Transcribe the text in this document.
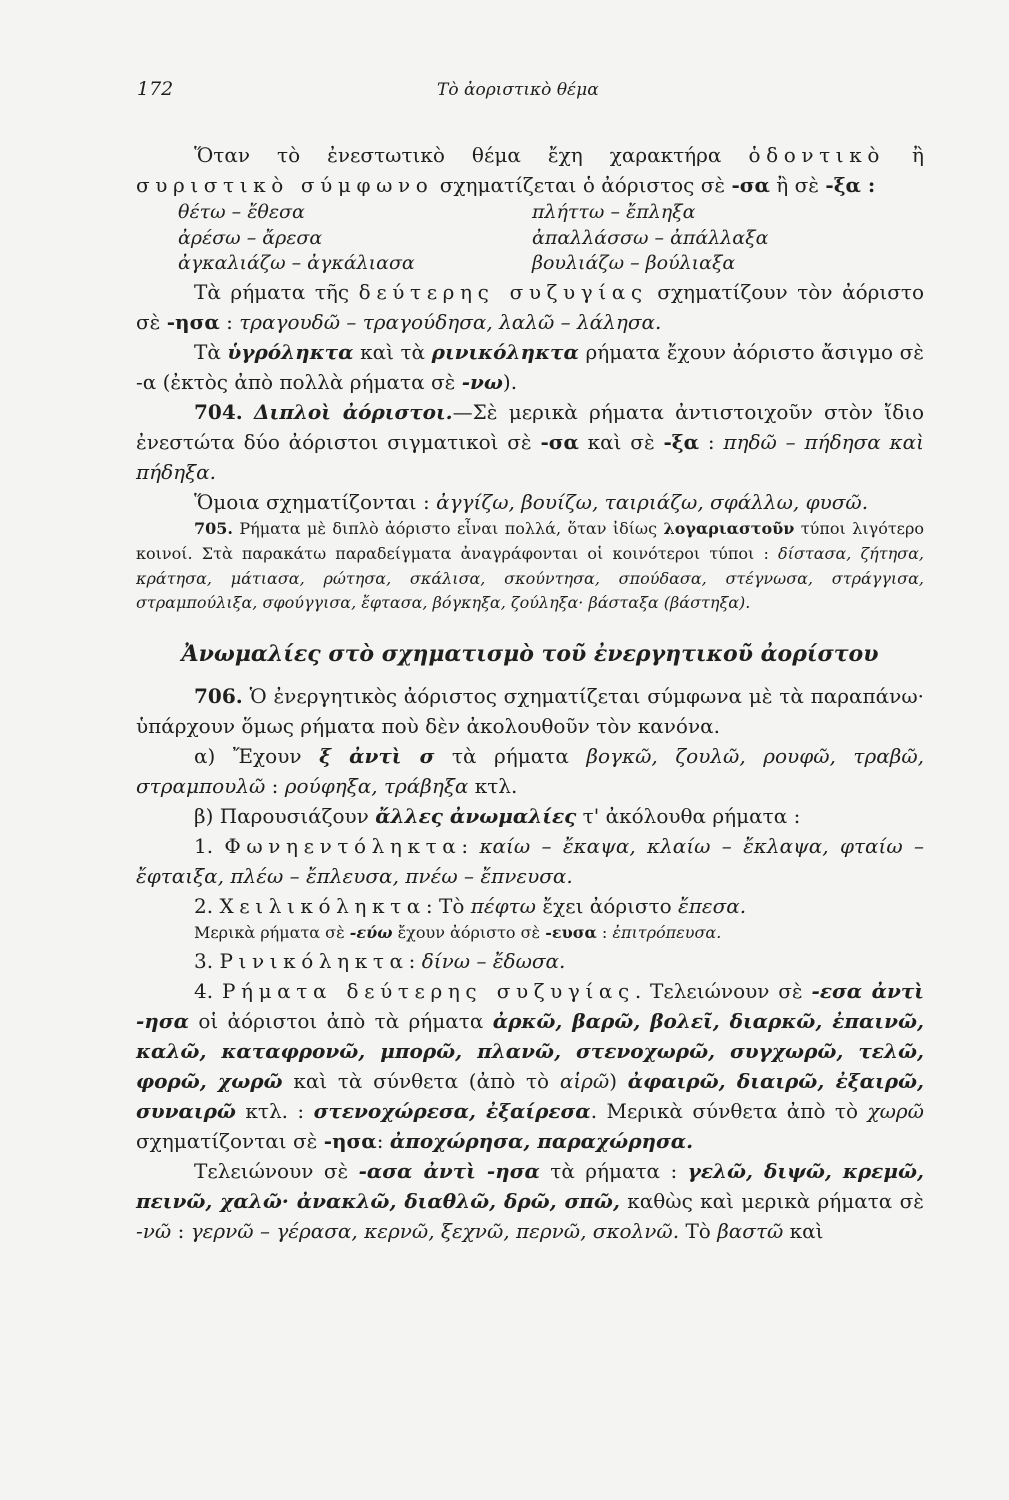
172	Τὸ ἀοριστικὸ θέμα

Ὅταν τὸ ἐνεστωτικὸ θέμα ἔχη χαρακτήρα ὁδοντικὸ ἢ συριστικὸ σύμφωνο σχηματίζεται ὁ ἀόριστος σὲ -σα ἢ σὲ -ξα :

θέτω – ἔθεσα	πλήττω – ἔπληξα
ἀρέσω – ἄρεσα	ἀπαλλάσσω – ἀπάλλαξα
ἀγκαλιάζω – ἀγκάλιασα	βουλιάζω – βούλιαξα

Τὰ ρήματα τῆς δεύτερης συζυγίας σχηματίζουν τὸν ἀόριστο σὲ -ησα : τραγουδῶ – τραγούδησα, λαλῶ – λάλησα.

Τὰ ὑγρόληκτα καὶ τὰ ρινικόληκτα ρήματα ἔχουν ἀόριστο ἄσιγμο σὲ -α (ἐκτὸς ἀπὸ πολλὰ ρήματα σὲ -νω).

704. Διπλοὶ ἀόριστοι.—Σὲ μερικὰ ρήματα ἀντιστοιχοῦν στὸν ἴδιο ἐνεστώτα δύο ἀόριστοι σιγματικοὶ σὲ -σα καὶ σὲ -ξα : πηδῶ – πήδησα καὶ πήδηξα.

Ὅμοια σχηματίζονται : ἀγγίζω, βουίζω, ταιριάζω, σφάλλω, φυσῶ.

705. Ρήματα μὲ διπλὸ ἀόριστο εἶναι πολλά, ὅταν ἰδίως λογαριαστοῦν τύποι λιγότερο κοινοί. Στὰ παρακάτω παραδείγματα ἀναγράφονται οἱ κοινότεροι τύποι : δίστασα, ζήτησα, κράτησα, μάτιασα, ρώτησα, σκάλισα, σκούντησα, σπούδασα, στέγνωσα, στράγγισα, στραμπούλιξα, σφούγγισα, ἔφτασα, βόγκηξα, ζούληξα· βάσταξα (βάστηξα).

Ἀνωμαλίες στὸ σχηματισμὸ τοῦ ἐνεργητικοῦ ἀορίστου

706. Ὁ ἐνεργητικὸς ἀόριστος σχηματίζεται σύμφωνα μὲ τὰ παραπάνω· ὑπάρχουν ὅμως ρήματα ποὺ δὲν ἀκολουθοῦν τὸν κανόνα.

α) Ἔχουν ξ ἀντὶ σ τὰ ρήματα βογκῶ, ζουλῶ, ρουφῶ, τραβῶ, στραμπουλῶ : ρούφηξα, τράβηξα κτλ.

β) Παρουσιάζουν ἄλλες ἀνωμαλίες τ' ἀκόλουθα ρήματα :

1. Φωνηεντόληκτα: καίω – ἔκαψα, κλαίω – ἔκλαψα, φταίω – ἔφταιξα, πλέω – ἔπλευσα, πνέω – ἔπνευσα.

2. Χειλικόληκτα: Τὸ πέφτω ἔχει ἀόριστο ἔπεσα.

Μερικὰ ρήματα σὲ -εύω ἔχουν ἀόριστο σὲ -ευσα : ἐπιτρόπευσα.

3. Ρινικόληκτα: δίνω – ἔδωσα.

4. Ρήματα δεύτερης συζυγίας. Τελειώνουν σὲ -εσα ἀντὶ -ησα οἱ ἀόριστοι ἀπὸ τὰ ρήματα ἀρκῶ, βαρῶ, βολεῖ, διαρκῶ, ἐπαινῶ, καλῶ, καταφρονῶ, μπορῶ, πλανῶ, στενοχωρῶ, συγχωρῶ, τελῶ, φορῶ, χωρῶ καὶ τὰ σύνθετα (ἀπὸ τὸ αἱρῶ) ἀφαιρῶ, διαιρῶ, ἐξαιρῶ, συναιρῶ κτλ. : στενοχώρεσα, ἐξαίρεσα. Μερικὰ σύνθετα ἀπὸ τὸ χωρῶ σχηματίζονται σὲ -ησα: ἀποχώρησα, παραχώρησα.

Τελειώνουν σὲ -ασα ἀντὶ -ησα τὰ ρήματα : γελῶ, διψῶ, κρεμῶ, πεινῶ, χαλῶ· ἀνακλῶ, διαθλῶ, δρῶ, σπῶ, καθὼς καὶ μερικὰ ρήματα σὲ -νῶ : γερνῶ – γέρασα, κερνῶ, ξεχνῶ, περνῶ, σκολνῶ. Τὸ βαστῶ καὶ
